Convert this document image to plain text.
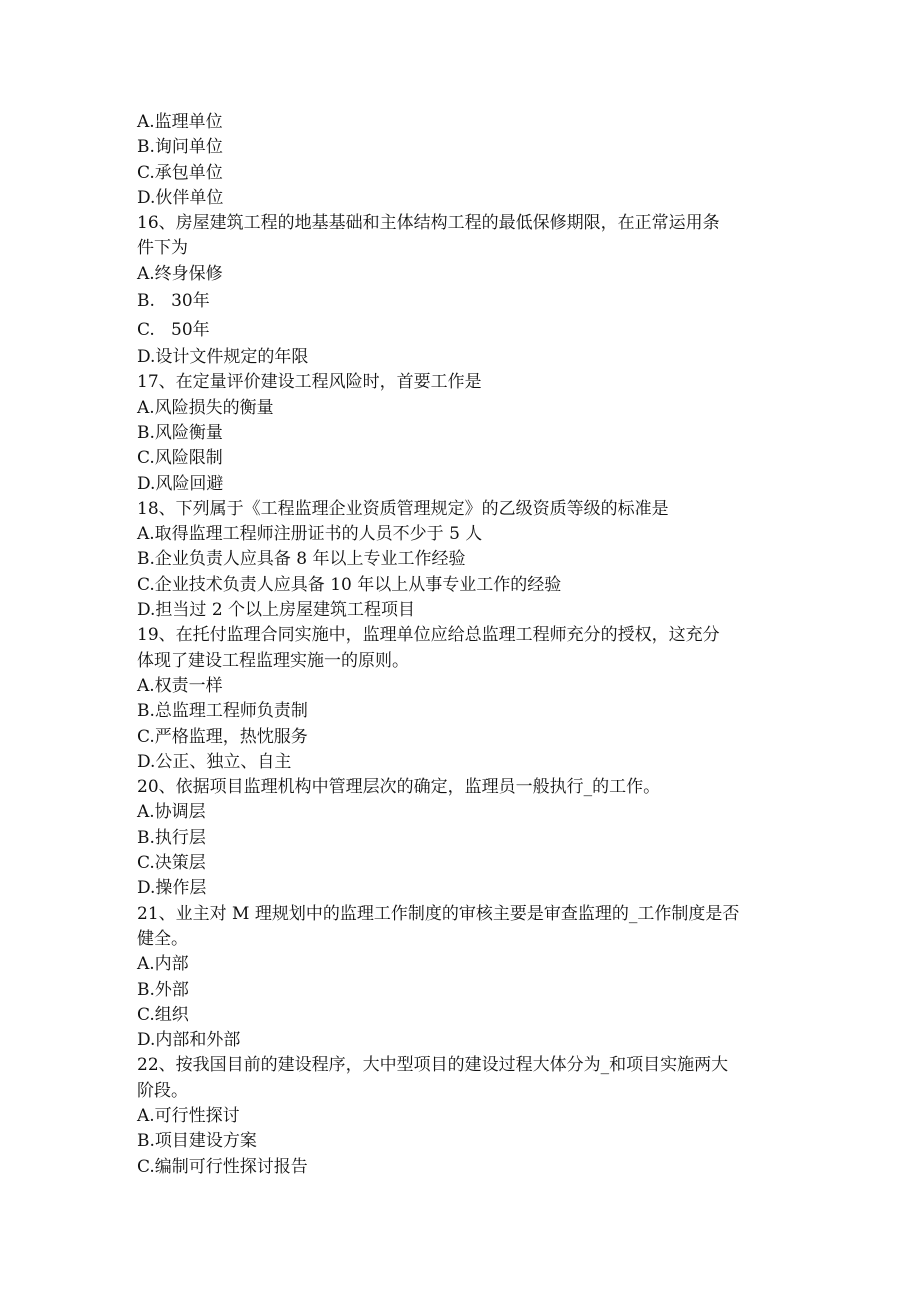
A.监理单位
B.询问单位
C.承包单位
D.伙伴单位
16、房屋建筑工程的地基基础和主体结构工程的最低保修期限，在正常运用条
件下为
A.终身保修
B.   30年
C.   50年
D.设计文件规定的年限
17、在定量评价建设工程风险时，首要工作是
A.风险损失的衡量
B.风险衡量
C.风险限制
D.风险回避
18、下列属于《工程监理企业资质管理规定》的乙级资质等级的标准是
A.取得监理工程师注册证书的人员不少于 5 人
B.企业负责人应具备 8 年以上专业工作经验
C.企业技术负责人应具备 10 年以上从事专业工作的经验
D.担当过 2 个以上房屋建筑工程项目
19、在托付监理合同实施中，监理单位应给总监理工程师充分的授权，这充分
体现了建设工程监理实施一的原则。
A.权责一样
B.总监理工程师负责制
C.严格监理，热忱服务
D.公正、独立、自主
20、依据项目监理机构中管理层次的确定，监理员一般执行_的工作。
A.协调层
B.执行层
C.决策层
D.操作层
21、业主对 M 理规划中的监理工作制度的审核主要是审查监理的_工作制度是否
健全。
A.内部
B.外部
C.组织
D.内部和外部
22、按我国目前的建设程序，大中型项目的建设过程大体分为_和项目实施两大
阶段。
A.可行性探讨
B.项目建设方案
C.编制可行性探讨报告
